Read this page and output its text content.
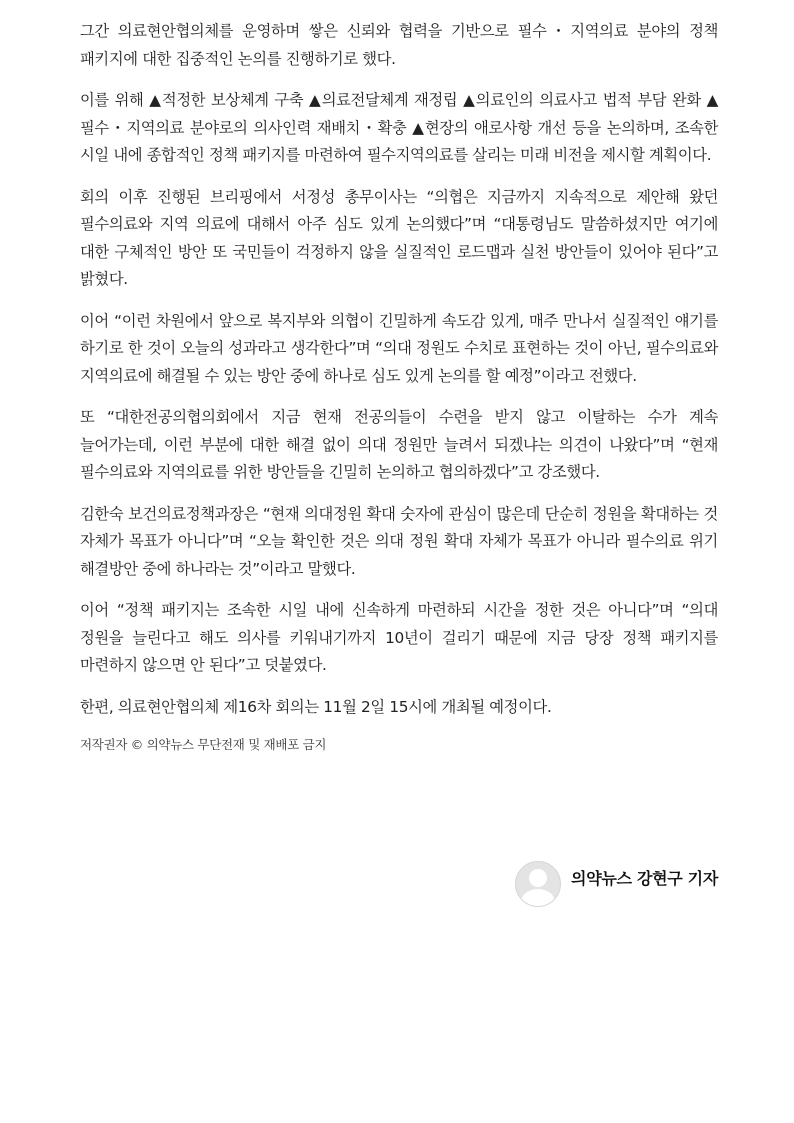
그간 의료현안협의체를 운영하며 쌓은 신뢰와 협력을 기반으로 필수・지역의료 분야의 정책 패키지에 대한 집중적인 논의를 진행하기로 했다.

이를 위해 ▲적정한 보상체계 구축 ▲의료전달체계 재정립 ▲의료인의 의료사고 법적 부담 완화 ▲필수・지역의료 분야로의 의사인력 재배치・확충 ▲현장의 애로사항 개선 등을 논의하며, 조속한 시일 내에 종합적인 정책 패키지를 마련하여 필수지역의료를 살리는 미래 비전을 제시할 계획이다.

회의 이후 진행된 브리핑에서 서정성 총무이사는 “의협은 지금까지 지속적으로 제안해 왔던 필수의료와 지역 의료에 대해서 아주 심도 있게 논의했다”며 “대통령님도 말씀하셨지만 여기에 대한 구체적인 방안 또 국민들이 걱정하지 않을 실질적인 로드맵과 실천 방안들이 있어야 된다”고 밝혔다.

이어 “이런 차원에서 앞으로 복지부와 의협이 긴밀하게 속도감 있게, 매주 만나서 실질적인 얘기를 하기로 한 것이 오늘의 성과라고 생각한다”며 “의대 정원도 수치로 표현하는 것이 아닌, 필수의료와 지역의료에 해결될 수 있는 방안 중에 하나로 심도 있게 논의를 할 예정”이라고 전했다.

또 “대한전공의협의회에서 지금 현재 전공의들이 수련을 받지 않고 이탈하는 수가 계속 늘어가는데, 이런 부분에 대한 해결 없이 의대 정원만 늘려서 되겠냐는 의견이 나왔다”며 “현재 필수의료와 지역의료를 위한 방안들을 긴밀히 논의하고 협의하겠다”고 강조했다.

김한숙 보건의료정책과장은 “현재 의대정원 확대 숫자에 관심이 많은데 단순히 정원을 확대하는 것 자체가 목표가 아니다”며 “오늘 확인한 것은 의대 정원 확대 자체가 목표가 아니라 필수의료 위기 해결방안 중에 하나라는 것”이라고 말했다.

이어 “정책 패키지는 조속한 시일 내에 신속하게 마련하되 시간을 정한 것은 아니다”며 “의대 정원을 늘린다고 해도 의사를 키워내기까지 10년이 걸리기 때문에 지금 당장 정책 패키지를 마련하지 않으면 안 된다”고 덧붙였다.

한편, 의료현안협의체 제16차 회의는 11월 2일 15시에 개최될 예정이다.

저작권자 © 의약뉴스 무단전재 및 재배포 금지

의약뉴스 강현구 기자
